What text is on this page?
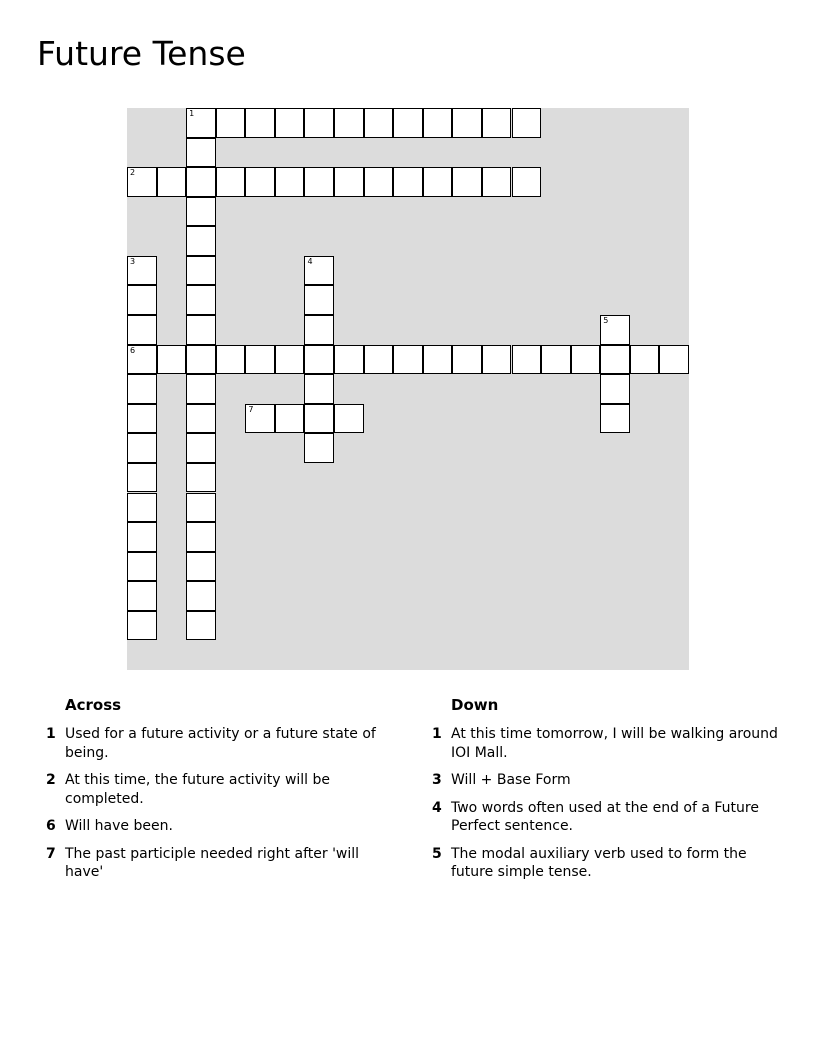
Future Tense
1
2
3
6
4
5
7
Across
1 Used for a future activity or a future state of being.
2 At this time, the future activity will be completed.
6 Will have been.
7 The past participle needed right after 'will have'
Down
1 At this time tomorrow, I will be walking around IOI Mall.
3 Will + Base Form
4 Two words often used at the end of a Future Perfect sentence.
5 The modal auxiliary verb used to form the future simple tense.
